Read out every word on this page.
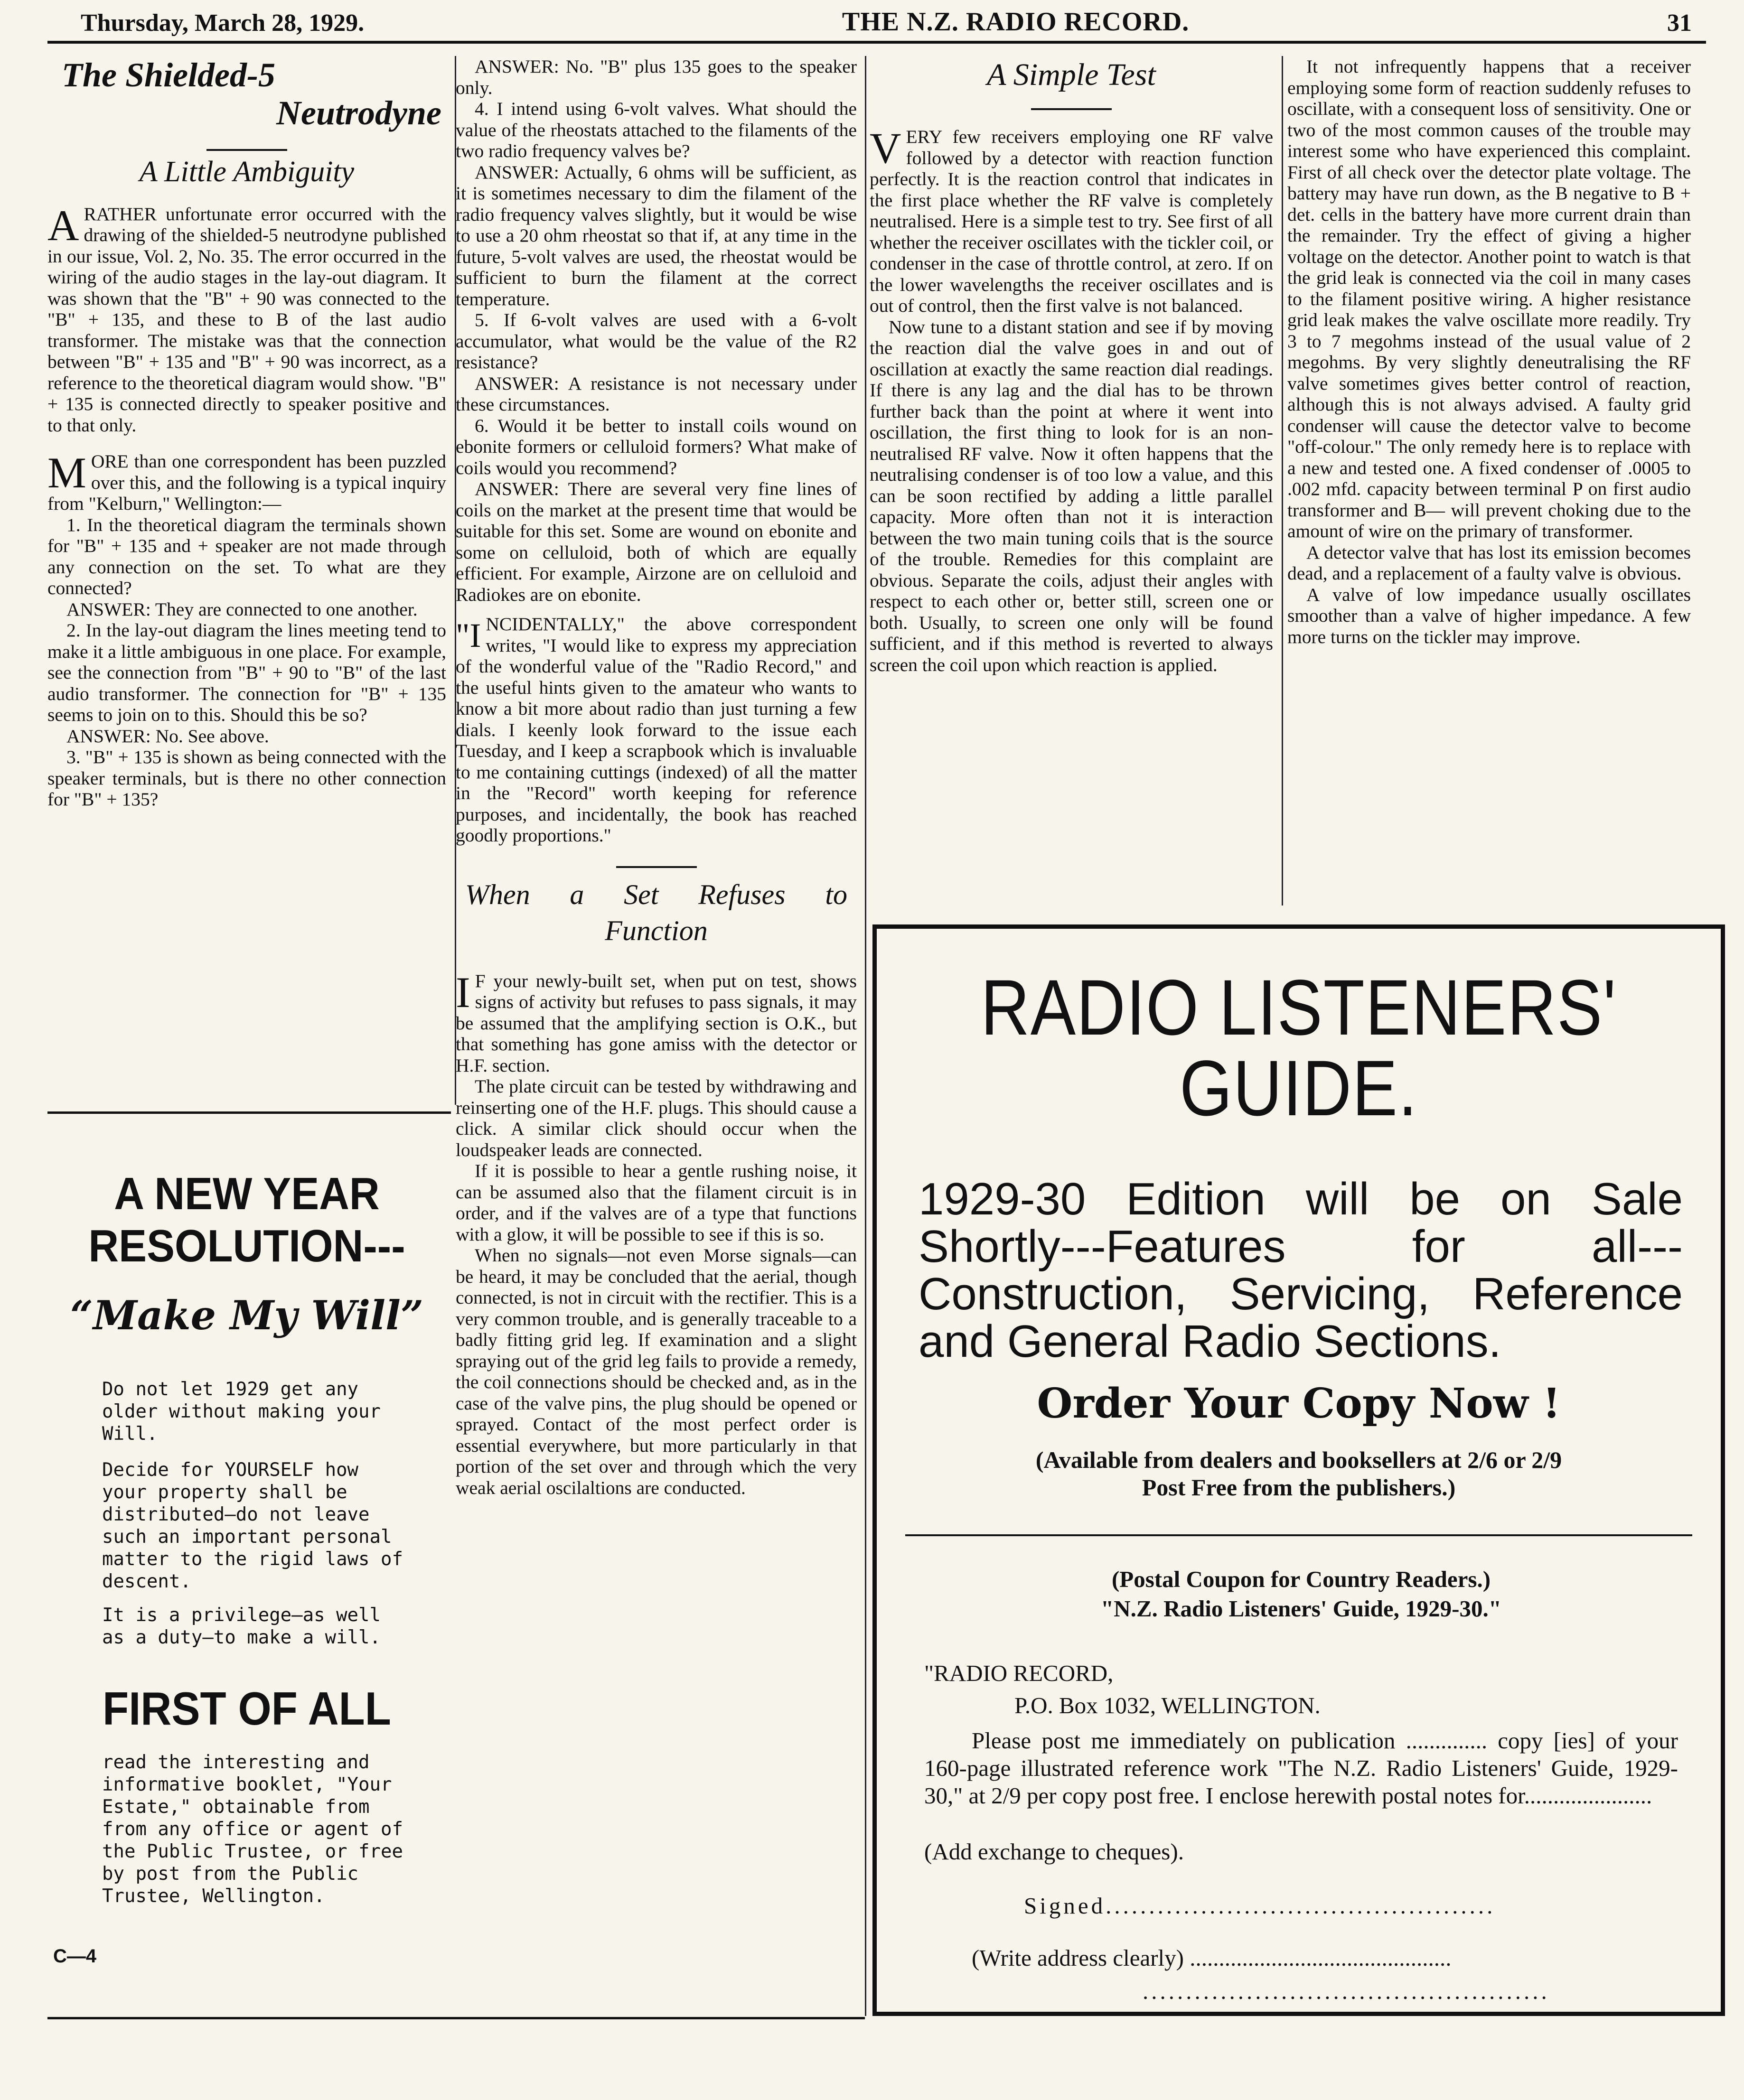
Thursday, March 28, 1929.	THE N.Z. RADIO RECORD.	31
The Shielded-5
Neutrodyne
A Little Ambiguity

ARATHER unfortunate error occurred with the drawing of the shielded-5 neutrodyne published in our issue, Vol. 2, No. 35. The error occurred in the wiring of the audio stages in the lay-out diagram. It was shown that the "B" + 90 was connected to the "B" + 135, and these to B of the last audio transformer. The mistake was that the connection between "B" + 135 and "B" + 90 was incorrect, as a reference to the theoretical diagram would show. "B" + 135 is connected directly to speaker positive and to that only.

MORE than one correspondent has been puzzled over this, and the following is a typical inquiry from "Kelburn," Wellington:—

1. In the theoretical diagram the terminals shown for "B" + 135 and + speaker are not made through any connection on the set. To what are they connected?

ANSWER: They are connected to one another.

2. In the lay-out diagram the lines meeting tend to make it a little ambiguous in one place. For example, see the connection from "B" + 90 to "B" of the last audio transformer. The connection for "B" + 135 seems to join on to this. Should this be so?

ANSWER: No. See above.

3. "B" + 135 is shown as being connected with the speaker terminals, but is there no other connection for "B" + 135?

ANSWER: No. "B" plus 135 goes to the speaker only.

4. I intend using 6-volt valves. What should the value of the rheostats attached to the filaments of the two radio frequency valves be?

ANSWER: Actually, 6 ohms will be sufficient, as it is sometimes necessary to dim the filament of the radio frequency valves slightly, but it would be wise to use a 20 ohm rheostat so that if, at any time in the future, 5-volt valves are used, the rheostat would be sufficient to burn the filament at the correct temperature.

5. If 6-volt valves are used with a 6-volt accumulator, what would be the value of the R2 resistance?

ANSWER: A resistance is not necessary under these circumstances.

6. Would it be better to install coils wound on ebonite formers or celluloid formers? What make of coils would you recommend?

ANSWER: There are several very fine lines of coils on the market at the present time that would be suitable for this set. Some are wound on ebonite and some on celluloid, both of which are equally efficient. For example, Airzone are on celluloid and Radiokes are on ebonite.

"INCIDENTALLY," the above correspondent writes, "I would like to express my appreciation of the wonderful value of the "Radio Record," and the useful hints given to the amateur who wants to know a bit more about radio than just turning a few dials. I keenly look forward to the issue each Tuesday, and I keep a scrapbook which is invaluable to me containing cuttings (indexed) of all the matter in the "Record" worth keeping for reference purposes, and incidentally, the book has reached goodly proportions."

When a Set Refuses to
Function

I F your newly-built set, when put on test, shows signs of activity but refuses to pass signals, it may be assumed that the amplifying section is O.K., but that something has gone amiss with the detector or H.F. section.

The plate circuit can be tested by withdrawing and reinserting one of the H.F. plugs. This should cause a click. A similar click should occur when the loudspeaker leads are connected.

If it is possible to hear a gentle rushing noise, it can be assumed also that the filament circuit is in order, and if the valves are of a type that functions with a glow, it will be possible to see if this is so.

When no signals—not even Morse signals—can be heard, it may be concluded that the aerial, though connected, is not in circuit with the rectifier. This is a very common trouble, and is generally traceable to a badly fitting grid leg. If examination and a slight spraying out of the grid leg fails to provide a remedy, the coil connections should be checked and, as in the case of the valve pins, the plug should be opened or sprayed. Contact of the most perfect order is essential everywhere, but more particularly in that portion of the set over and through which the very weak aerial oscilaltions are conducted.

A Simple Test

VERY few receivers employing one RF valve followed by a detector with reaction function perfectly. It is the reaction control that indicates in the first place whether the RF valve is completely neutralised. Here is a simple test to try. See first of all whether the receiver oscillates with the tickler coil, or condenser in the case of throttle control, at zero. If on the lower wavelengths the receiver oscillates and is out of control, then the first valve is not balanced.

Now tune to a distant station and see if by moving the reaction dial the valve goes in and out of oscillation at exactly the same reaction dial readings. If there is any lag and the dial has to be thrown further back than the point at where it went into oscillation, the first thing to look for is an non-neutralised RF valve. Now it often happens that the neutralising condenser is of too low a value, and this can be soon rectified by adding a little parallel capacity. More often than not it is interaction between the two main tuning coils that is the source of the trouble. Remedies for this complaint are obvious. Separate the coils, adjust their angles with respect to each other or, better still, screen one or both. Usually, to screen one only will be found sufficient, and if this method is reverted to always screen the coil upon which reaction is applied.

It not infrequently happens that a receiver employing some form of reaction suddenly refuses to oscillate, with a consequent loss of sensitivity. One or two of the most common causes of the trouble may interest some who have experienced this complaint. First of all check over the detector plate voltage. The battery may have run down, as the B negative to B + det. cells in the battery have more current drain than the remainder. Try the effect of giving a higher voltage on the detector. Another point to watch is that the grid leak is connected via the coil in many cases to the filament positive wiring. A higher resistance grid leak makes the valve oscillate more readily. Try 3 to 7 megohms instead of the usual value of 2 megohms. By very slightly deneutralising the RF valve sometimes gives better control of reaction, although this is not always advised. A faulty grid condenser will cause the detector valve to become "off-colour." The only remedy here is to replace with a new and tested one. A fixed condenser of .0005 to .002 mfd. capacity between terminal P on first audio transformer and B— will prevent choking due to the amount of wire on the primary of transformer.

A detector valve that has lost its emission becomes dead, and a replacement of a faulty valve is obvious.

A valve of low impedance usually oscillates smoother than a valve of higher impedance. A few more turns on the tickler may improve.

RADIO LISTENERS'
GUIDE.
1929-30 Edition will be on Sale Shortly---Features for all---Construction, Servicing, Reference and General Radio Sections.
Order Your Copy Now !
(Available from dealers and booksellers at 2/6 or 2/9
Post Free from the publishers.)
(Postal Coupon for Country Readers.)
"N.Z. Radio Listeners' Guide, 1929-30."
"RADIO RECORD,
P.O. Box 1032, WELLINGTON.
Please post me immediately on publication .............. copy [ies] of your 160-page illustrated reference work "The N.Z. Radio Listeners' Guide, 1929-30," at 2/9 per copy post free. I enclose herewith postal notes for......................
(Add exchange to cheques).
Signed.............................................
(Write address clearly) .............................................
...............................................
A NEW YEAR
RESOLUTION---
“Make My Will”
Do not let 1929 get any older without making your Will.
Decide for YOURSELF how your property shall be distributed—do not leave such an important personal matter to the rigid laws of descent.
It is a privilege—as well as a duty—to make a will.
FIRST OF ALL
read the interesting and informative booklet, "Your Estate," obtainable from from any office or agent of the Public Trustee, or free by post from the Public Trustee, Wellington.
C—4
